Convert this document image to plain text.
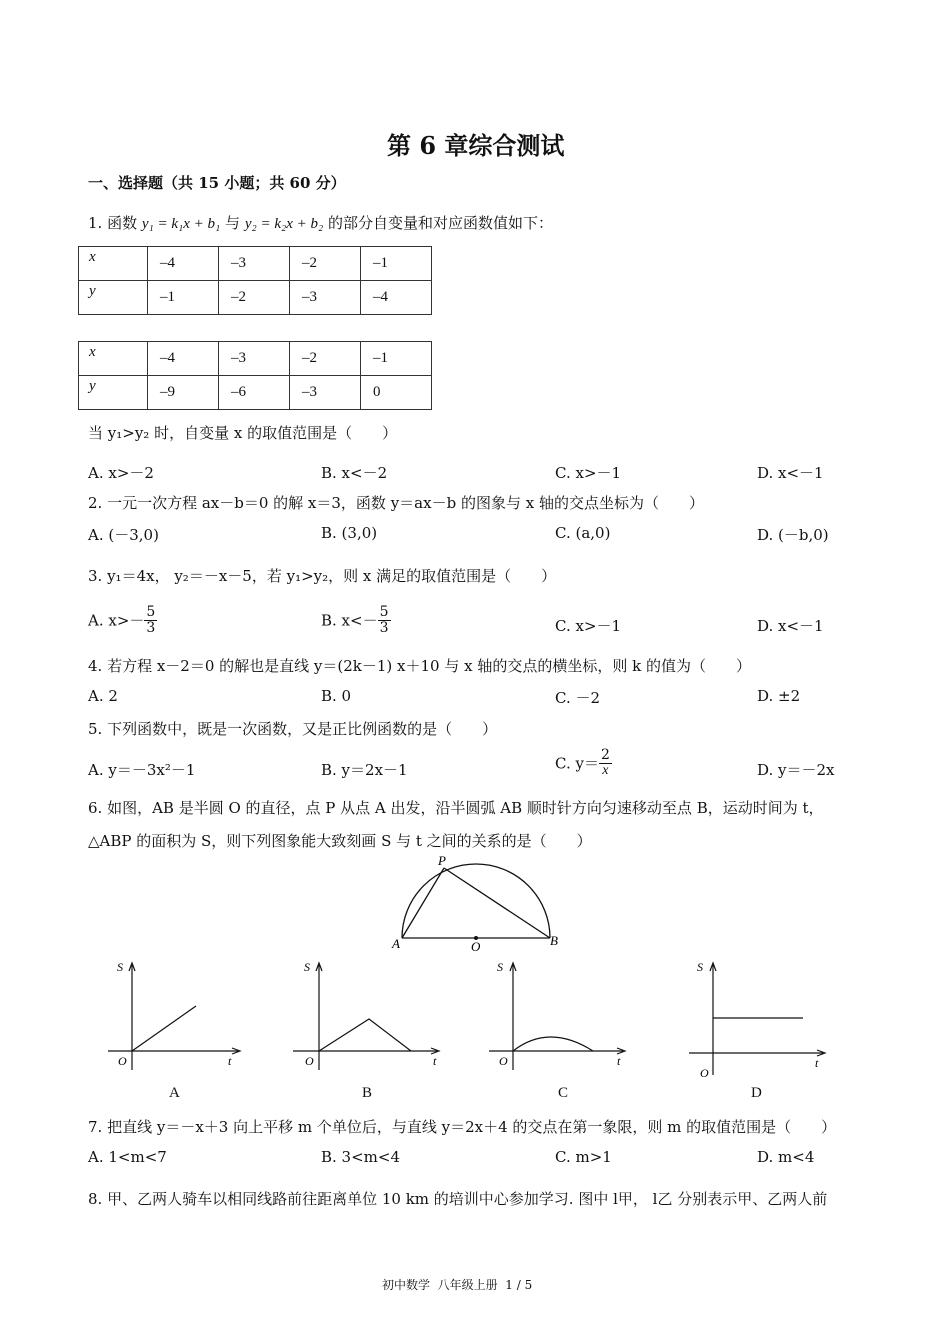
第 6 章综合测试
一、选择题（共 15 小题；共 60 分）
1. 函数 y₁ = k₁x + b₁ 与 y₂ = k₂x + b₂ 的部分自变量和对应函数值如下：
x	–4	–3	–2	–1
y	–1	–2	–3	–4
x	–4	–3	–2	–1
y	–9	–6	–3	0
当 y₁>y₂ 时，自变量 x 的取值范围是（　　）
A. x>－2	B. x<－2	C. x>－1	D. x<－1
2. 一元一次方程 ax－b＝0 的解 x＝3，函数 y＝ax－b 的图象与 x 轴的交点坐标为（　　）
A. (－3,0)	B. (3,0)	C. (a,0)	D. (－b,0)
3. y₁＝4x， y₂＝－x－5，若 y₁>y₂，则 x 满足的取值范围是（　　）
A. $x>- \frac{5}{3}$	B. $x<- \frac{5}{3}$	C. x>－1	D. x<－1
4. 若方程 x－2＝0 的解也是直线 y＝(2k－1) x＋10 与 x 轴的交点的横坐标，则 k 的值为（　　）
A. 2	B. 0	C. －2	D. ±2
5. 下列函数中，既是一次函数，又是正比例函数的是（　　）
A. y＝－3x²－1	B. y＝2x－1	C. $y= \frac{2}{x}$	D. y＝－2x
6. 如图，AB 是半圆 O 的直径，点 P 从点 A 出发，沿半圆弧 AB 顺时针方向匀速移动至点 B，运动时间为 t，
△ABP 的面积为 S，则下列图象能大致刻画 S 与 t 之间的关系的是（　　）
P
A	O	B
S
t
O
S
t
O
S
t
O
S
t
O
A	B	C	D
7. 把直线 y＝－x＋3 向上平移 m 个单位后，与直线 y＝2x＋4 的交点在第一象限，则 m 的取值范围是（　　）
A. 1<m<7	B. 3<m<4	C. m>1	D. m<4
8. 甲、乙两人骑车以相同线路前往距离单位 10 km 的培训中心参加学习. 图中 l甲， l乙 分别表示甲、乙两人前
初中数学  八年级上册  1 / 5
